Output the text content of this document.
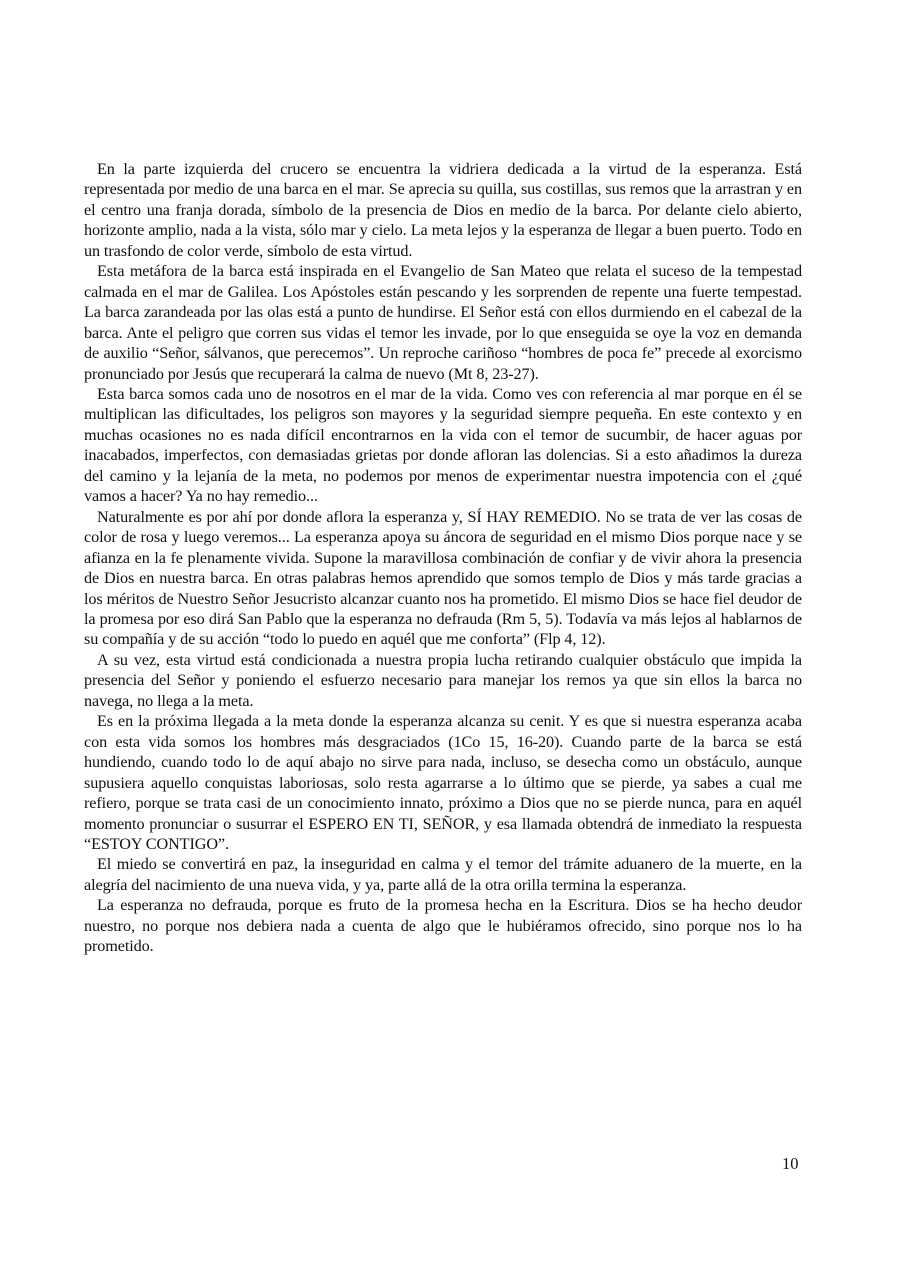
En la parte izquierda del crucero se encuentra la vidriera dedicada a la virtud de la esperanza. Está representada por medio de una barca en el mar. Se aprecia su quilla, sus costillas, sus remos que la arrastran y en el centro una franja dorada, símbolo de la presencia de Dios en medio de la barca. Por delante cielo abierto, horizonte amplio, nada a la vista, sólo mar y cielo. La meta lejos y la esperanza de llegar a buen puerto. Todo en un trasfondo de color verde, símbolo de esta virtud.

Esta metáfora de la barca está inspirada en el Evangelio de San Mateo que relata el suceso de la tempestad calmada en el mar de Galilea. Los Apóstoles están pescando y les sorprenden de repente una fuerte tempestad. La barca zarandeada por las olas está a punto de hundirse. El Señor está con ellos durmiendo en el cabezal de la barca. Ante el peligro que corren sus vidas el temor les invade, por lo que enseguida se oye la voz en demanda de auxilio “Señor, sálvanos, que perecemos”. Un reproche cariñoso “hombres de poca fe” precede al exorcismo pronunciado por Jesús que recuperará la calma de nuevo (Mt 8, 23-27).

Esta barca somos cada uno de nosotros en el mar de la vida. Como ves con referencia al mar porque en él se multiplican las dificultades, los peligros son mayores y la seguridad siempre pequeña. En este contexto y en muchas ocasiones no es nada difícil encontrarnos en la vida con el temor de sucumbir, de hacer aguas por inacabados, imperfectos, con demasiadas grietas por donde afloran las dolencias. Si a esto añadimos la dureza del camino y la lejanía de la meta, no podemos por menos de experimentar nuestra impotencia con el ¿qué vamos a hacer? Ya no hay remedio...

Naturalmente es por ahí por donde aflora la esperanza y, SÍ HAY REMEDIO. No se trata de ver las cosas de color de rosa y luego veremos... La esperanza apoya su áncora de seguridad en el mismo Dios porque nace y se afianza en la fe plenamente vivida. Supone la maravillosa combinación de confiar y de vivir ahora la presencia de Dios en nuestra barca. En otras palabras hemos aprendido que somos templo de Dios y más tarde gracias a los méritos de Nuestro Señor Jesucristo alcanzar cuanto nos ha prometido. El mismo Dios se hace fiel deudor de la promesa por eso dirá San Pablo que la esperanza no defrauda (Rm 5, 5). Todavía va más lejos al hablarnos de su compañía y de su acción “todo lo puedo en aquél que me conforta” (Flp 4, 12).

A su vez, esta virtud está condicionada a nuestra propia lucha retirando cualquier obstáculo que impida la presencia del Señor y poniendo el esfuerzo necesario para manejar los remos ya que sin ellos la barca no navega, no llega a la meta.

Es en la próxima llegada a la meta donde la esperanza alcanza su cenit. Y es que si nuestra esperanza acaba con esta vida somos los hombres más desgraciados (1Co 15, 16-20). Cuando parte de la barca se está hundiendo, cuando todo lo de aquí abajo no sirve para nada, incluso, se desecha como un obstáculo, aunque supusiera aquello conquistas laboriosas, solo resta agarrarse a lo último que se pierde, ya sabes a cual me refiero, porque se trata casi de un conocimiento innato, próximo a Dios que no se pierde nunca, para en aquél momento pronunciar o susurrar el ESPERO EN TI, SEÑOR, y esa llamada obtendrá de inmediato la respuesta “ESTOY CONTIGO”.

El miedo se convertirá en paz, la inseguridad en calma y el temor del trámite aduanero de la muerte, en la alegría del nacimiento de una nueva vida, y ya, parte allá de la otra orilla termina la esperanza.

La esperanza no defrauda, porque es fruto de la promesa hecha en la Escritura. Dios se ha hecho deudor nuestro, no porque nos debiera nada a cuenta de algo que le hubiéramos ofrecido, sino porque nos lo ha prometido.

10
